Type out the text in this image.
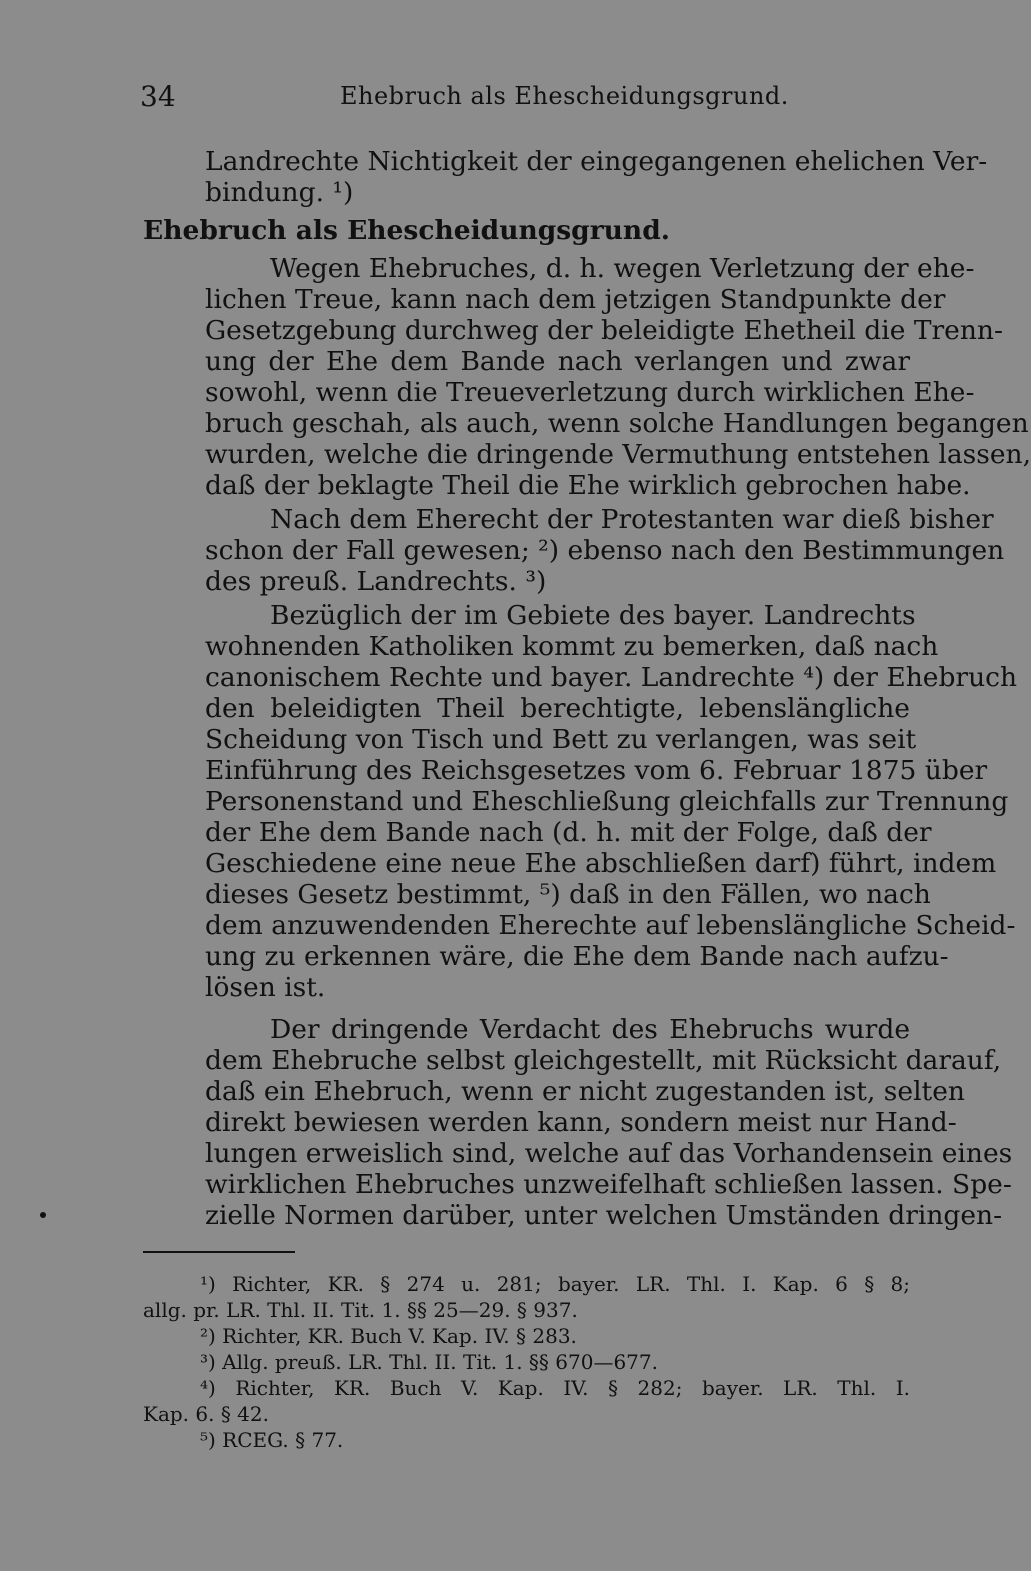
34	Ehebruch als Ehescheidungsgrund.
Landrechte Nichtigkeit der eingegangenen ehelichen Ver-
bindung. ¹)
Ehebruch als Ehescheidungsgrund.
Wegen Ehebruches, d. h. wegen Verletzung der ehe-
lichen Treue, kann nach dem jetzigen Standpunkte der
Gesetzgebung durchweg der beleidigte Ehetheil die Trenn-
ung der Ehe dem Bande nach verlangen und zwar
sowohl, wenn die Treueverletzung durch wirklichen Ehe-
bruch geschah, als auch, wenn solche Handlungen begangen
wurden, welche die dringende Vermuthung entstehen lassen,
daß der beklagte Theil die Ehe wirklich gebrochen habe.
Nach dem Eherecht der Protestanten war dieß bisher
schon der Fall gewesen; ²) ebenso nach den Bestimmungen
des preuß. Landrechts. ³)
Bezüglich der im Gebiete des bayer. Landrechts
wohnenden Katholiken kommt zu bemerken, daß nach
canonischem Rechte und bayer. Landrechte ⁴) der Ehebruch
den beleidigten Theil berechtigte, lebenslängliche
Scheidung von Tisch und Bett zu verlangen, was seit
Einführung des Reichsgesetzes vom 6. Februar 1875 über
Personenstand und Eheschließung gleichfalls zur Trennung
der Ehe dem Bande nach (d. h. mit der Folge, daß der
Geschiedene eine neue Ehe abschließen darf) führt, indem
dieses Gesetz bestimmt, ⁵) daß in den Fällen, wo nach
dem anzuwendenden Eherechte auf lebenslängliche Scheid-
ung zu erkennen wäre, die Ehe dem Bande nach aufzu-
lösen ist.
Der dringende Verdacht des Ehebruchs wurde
dem Ehebruche selbst gleichgestellt, mit Rücksicht darauf,
daß ein Ehebruch, wenn er nicht zugestanden ist, selten
direkt bewiesen werden kann, sondern meist nur Hand-
lungen erweislich sind, welche auf das Vorhandensein eines
wirklichen Ehebruches unzweifelhaft schließen lassen. Spe-
zielle Normen darüber, unter welchen Umständen dringen-
¹) Richter, KR. § 274 u. 281; bayer. LR. Thl. I. Kap. 6 § 8;
allg. pr. LR. Thl. II. Tit. 1. §§ 25—29. § 937.
²) Richter, KR. Buch V. Kap. IV. § 283.
³) Allg. preuß. LR. Thl. II. Tit. 1. §§ 670—677.
⁴) Richter, KR. Buch V. Kap. IV. § 282; bayer. LR. Thl. I.
Kap. 6. § 42.
⁵) RCEG. § 77.
